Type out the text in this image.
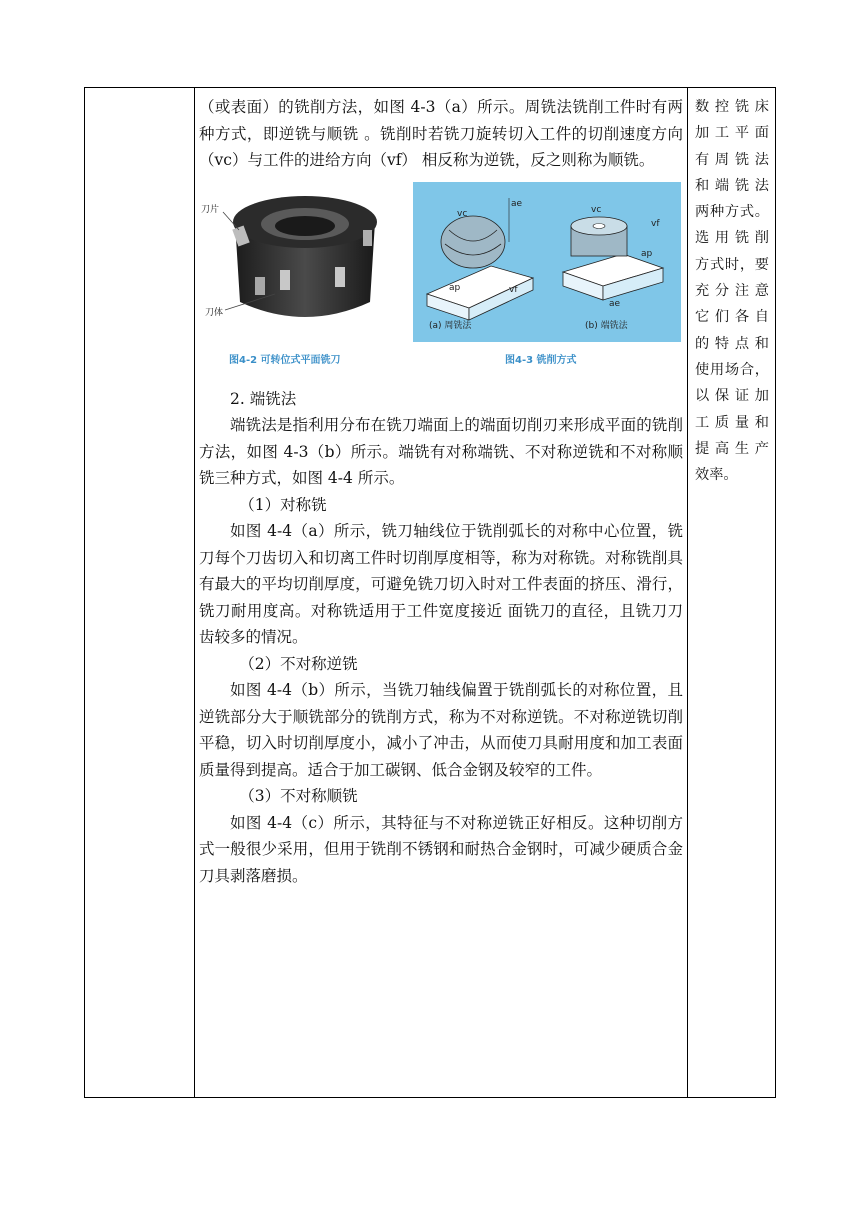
（或表面）的铣削方法，如图 4-3（a）所示。周铣法铣削工件时有两种方式，即逆铣与顺铣 。铣削时若铣刀旋转切入工件的切削速度方向（vc）与工件的进给方向（vf） 相反称为逆铣，反之则称为顺铣。

刀片
刀体
图4-2 可转位式平面铣刀
vc
ae
ap	vf
vc
vf
ae
ap
(a) 周铣法	(b) 端铣法
图4-3 铣削方式

2. 端铣法

端铣法是指利用分布在铣刀端面上的端面切削刃来形成平面的铣削方法，如图 4-3（b）所示。端铣有对称端铣、不对称逆铣和不对称顺铣三种方式，如图 4-4 所示。

（1）对称铣

如图 4-4（a）所示，铣刀轴线位于铣削弧长的对称中心位置，铣刀每个刀齿切入和切离工件时切削厚度相等，称为对称铣。对称铣削具有最大的平均切削厚度，可避免铣刀切入时对工件表面的挤压、滑行，铣刀耐用度高。对称铣适用于工件宽度接近 面铣刀的直径，且铣刀刀齿较多的情况。

（2）不对称逆铣

如图 4-4（b）所示，当铣刀轴线偏置于铣削弧长的对称位置，且逆铣部分大于顺铣部分的铣削方式，称为不对称逆铣。不对称逆铣切削平稳，切入时切削厚度小，减小了冲击，从而使刀具耐用度和加工表面质量得到提高。适合于加工碳钢、低合金钢及较窄的工件。

（3）不对称顺铣

如图 4-4（c）所示，其特征与不对称逆铣正好相反。这种切削方式一般很少采用，但用于铣削不锈钢和耐热合金钢时，可减少硬质合金刀具剥落磨损。

数控铣床
加工平面
有周铣法
和端铣法
两种方式。
选用铣削
方式时，要
充分注意
它们各自
的特点和
使用场合，
以保证加
工质量和
提高生产
效率。
